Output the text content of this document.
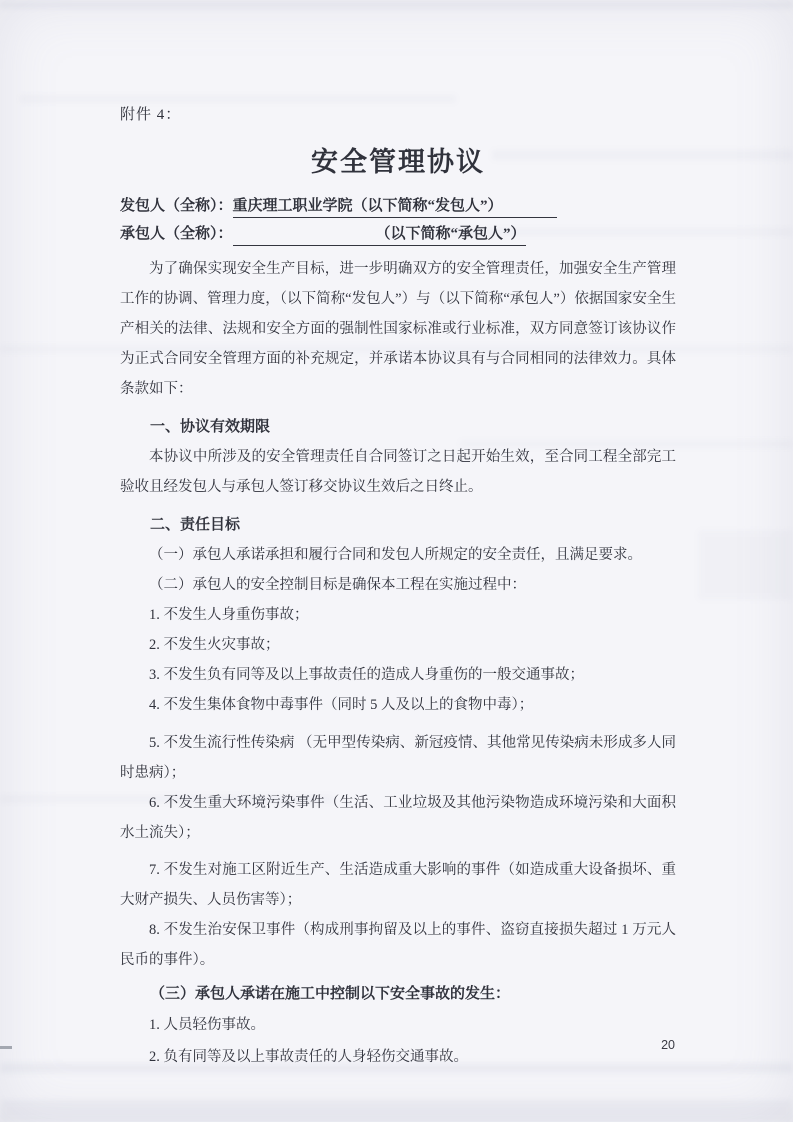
附件 4：
安全管理协议
发包人（全称）：重庆理工职业学院（以下简称“发包人”）
承包人（全称）：	（以下简称“承包人”）

为了确保实现安全生产目标，进一步明确双方的安全管理责任，加强安全生产管理工作的协调、管理力度，（以下简称“发包人”）与（以下简称“承包人”）依据国家安全生产相关的法律、法规和安全方面的强制性国家标准或行业标准，双方同意签订该协议作为正式合同安全管理方面的补充规定，并承诺本协议具有与合同相同的法律效力。具体条款如下：

一、协议有效期限

本协议中所涉及的安全管理责任自合同签订之日起开始生效，至合同工程全部完工验收且经发包人与承包人签订移交协议生效后之日终止。

二、责任目标

（一）承包人承诺承担和履行合同和发包人所规定的安全责任，且满足要求。

（二）承包人的安全控制目标是确保本工程在实施过程中：

1. 不发生人身重伤事故；

2. 不发生火灾事故；

3. 不发生负有同等及以上事故责任的造成人身重伤的一般交通事故；

4. 不发生集体食物中毒事件（同时 5 人及以上的食物中毒）；

5. 不发生流行性传染病 （无甲型传染病、新冠疫情、其他常见传染病未形成多人同时患病）；

6. 不发生重大环境污染事件（生活、工业垃圾及其他污染物造成环境污染和大面积水土流失）；

7. 不发生对施工区附近生产、生活造成重大影响的事件（如造成重大设备损坏、重大财产损失、人员伤害等）；

8. 不发生治安保卫事件（构成刑事拘留及以上的事件、盗窃直接损失超过 1 万元人民币的事件）。

（三）承包人承诺在施工中控制以下安全事故的发生：

1. 人员轻伤事故。

2. 负有同等及以上事故责任的人身轻伤交通事故。

20
